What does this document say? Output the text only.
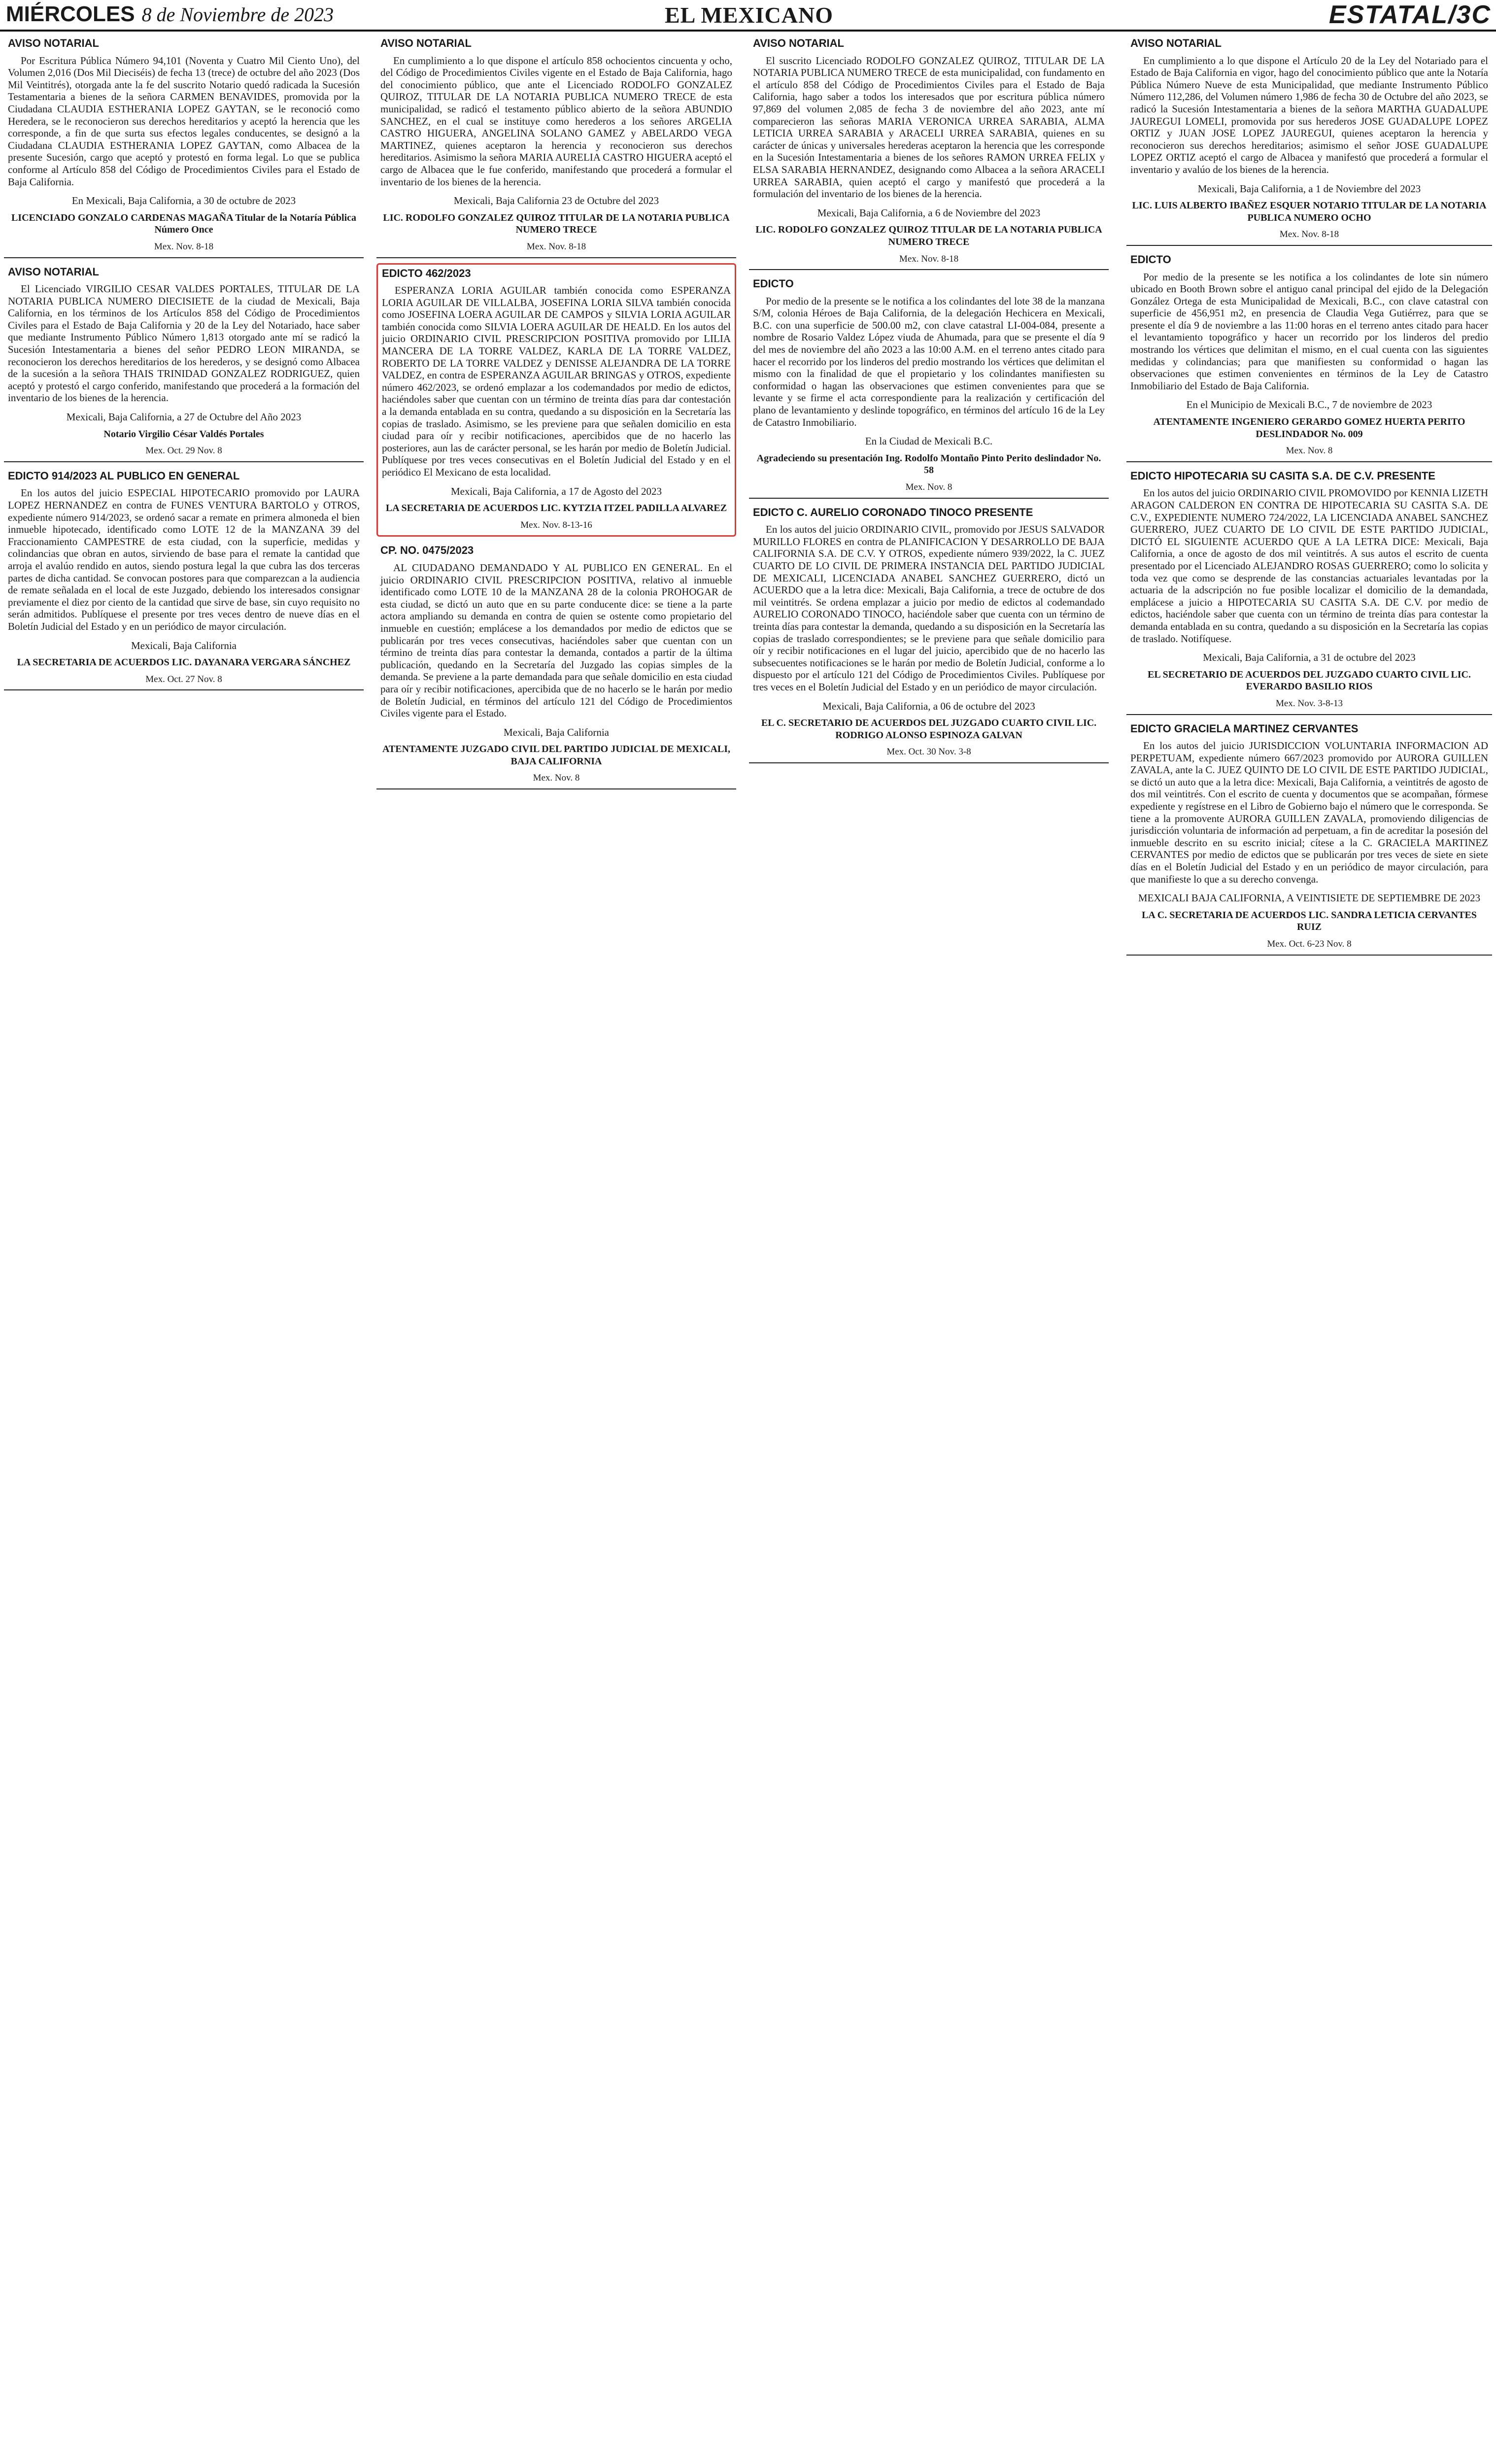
MIÉRCOLES 8 de Noviembre de 2023	EL MEXICANO	ESTATAL/3C
AVISO NOTARIAL
Por Escritura Pública Número 94,101 (Noventa y Cuatro Mil Ciento Uno), del Volumen 2,016 (Dos Mil Dieciséis) de fecha 13 (trece) de octubre del año 2023 (Dos Mil Veintitrés), otorgada ante la fe del suscrito Notario quedó radicada la Sucesión Testamentaria a bienes de la señora CARMEN BENAVIDES, promovida por la Ciudadana CLAUDIA ESTHERANIA LOPEZ GAYTAN, se le reconoció como Heredera, se le reconocieron sus derechos hereditarios y aceptó la herencia que les corresponde, a fin de que surta sus efectos legales conducentes, se designó a la Ciudadana CLAUDIA ESTHERANIA LOPEZ GAYTAN, como Albacea de la presente Sucesión, cargo que aceptó y protestó en forma legal. Lo que se publica conforme al Artículo 858 del Código de Procedimientos Civiles para el Estado de Baja California.
En Mexicali, Baja California, a 30 de octubre de 2023
LICENCIADO GONZALO CARDENAS MAGAÑA Titular de la Notaría Pública Número Once
Mex. Nov. 8-18
AVISO NOTARIAL
El Licenciado VIRGILIO CESAR VALDES PORTALES, TITULAR DE LA NOTARIA PUBLICA NUMERO DIECISIETE de la ciudad de Mexicali, Baja California, en los términos de los Artículos 858 del Código de Procedimientos Civiles para el Estado de Baja California y 20 de la Ley del Notariado, hace saber que mediante Instrumento Público Número 1,813 otorgado ante mí se radicó la Sucesión Intestamentaria a bienes del señor PEDRO LEON MIRANDA, se reconocieron los derechos hereditarios de los herederos, y se designó como Albacea de la sucesión a la señora THAIS TRINIDAD GONZALEZ RODRIGUEZ, quien aceptó y protestó el cargo conferido, manifestando que procederá a la formación del inventario de los bienes de la herencia.
Mexicali, Baja California, a 27 de Octubre del Año 2023
Notario Virgilio César Valdés Portales
Mex. Oct. 29 Nov. 8
EDICTO 914/2023 AL PUBLICO EN GENERAL
En los autos del juicio ESPECIAL HIPOTECARIO promovido por LAURA LOPEZ HERNANDEZ en contra de FUNES VENTURA BARTOLO y OTROS, expediente número 914/2023, se ordenó sacar a remate en primera almoneda el bien inmueble hipotecado, identificado como LOTE 12 de la MANZANA 39 del Fraccionamiento CAMPESTRE de esta ciudad, con la superficie, medidas y colindancias que obran en autos, sirviendo de base para el remate la cantidad que arroja el avalúo rendido en autos, siendo postura legal la que cubra las dos terceras partes de dicha cantidad. Se convocan postores para que comparezcan a la audiencia de remate señalada en el local de este Juzgado, debiendo los interesados consignar previamente el diez por ciento de la cantidad que sirve de base, sin cuyo requisito no serán admitidos. Publíquese el presente por tres veces dentro de nueve días en el Boletín Judicial del Estado y en un periódico de mayor circulación.
Mexicali, Baja California
LA SECRETARIA DE ACUERDOS LIC. DAYANARA VERGARA SÁNCHEZ
Mex. Oct. 27 Nov. 8
AVISO NOTARIAL
En cumplimiento a lo que dispone el artículo 858 ochocientos cincuenta y ocho, del Código de Procedimientos Civiles vigente en el Estado de Baja California, hago del conocimiento público, que ante el Licenciado RODOLFO GONZALEZ QUIROZ, TITULAR DE LA NOTARIA PUBLICA NUMERO TRECE de esta municipalidad, se radicó el testamento público abierto de la señora ABUNDIO SANCHEZ, en el cual se instituye como herederos a los señores ARGELIA CASTRO HIGUERA, ANGELINA SOLANO GAMEZ y ABELARDO VEGA MARTINEZ, quienes aceptaron la herencia y reconocieron sus derechos hereditarios. Asimismo la señora MARIA AURELIA CASTRO HIGUERA aceptó el cargo de Albacea que le fue conferido, manifestando que procederá a formular el inventario de los bienes de la herencia.
Mexicali, Baja California 23 de Octubre del 2023
LIC. RODOLFO GONZALEZ QUIROZ TITULAR DE LA NOTARIA PUBLICA NUMERO TRECE
Mex. Nov. 8-18
EDICTO 462/2023
ESPERANZA LORIA AGUILAR también conocida como ESPERANZA LORIA AGUILAR DE VILLALBA, JOSEFINA LORIA SILVA también conocida como JOSEFINA LOERA AGUILAR DE CAMPOS y SILVIA LORIA AGUILAR también conocida como SILVIA LOERA AGUILAR DE HEALD. En los autos del juicio ORDINARIO CIVIL PRESCRIPCION POSITIVA promovido por LILIA MANCERA DE LA TORRE VALDEZ, KARLA DE LA TORRE VALDEZ, ROBERTO DE LA TORRE VALDEZ y DENISSE ALEJANDRA DE LA TORRE VALDEZ, en contra de ESPERANZA AGUILAR BRINGAS y OTROS, expediente número 462/2023, se ordenó emplazar a los codemandados por medio de edictos, haciéndoles saber que cuentan con un término de treinta días para dar contestación a la demanda entablada en su contra, quedando a su disposición en la Secretaría las copias de traslado. Asimismo, se les previene para que señalen domicilio en esta ciudad para oír y recibir notificaciones, apercibidos que de no hacerlo las posteriores, aun las de carácter personal, se les harán por medio de Boletín Judicial. Publíquese por tres veces consecutivas en el Boletín Judicial del Estado y en el periódico El Mexicano de esta localidad.
Mexicali, Baja California, a 17 de Agosto del 2023
LA SECRETARIA DE ACUERDOS LIC. KYTZIA ITZEL PADILLA ALVAREZ
Mex. Nov. 8-13-16
CP. NO. 0475/2023
AL CIUDADANO DEMANDADO Y AL PUBLICO EN GENERAL. En el juicio ORDINARIO CIVIL PRESCRIPCION POSITIVA, relativo al inmueble identificado como LOTE 10 de la MANZANA 28 de la colonia PROHOGAR de esta ciudad, se dictó un auto que en su parte conducente dice: se tiene a la parte actora ampliando su demanda en contra de quien se ostente como propietario del inmueble en cuestión; emplácese a los demandados por medio de edictos que se publicarán por tres veces consecutivas, haciéndoles saber que cuentan con un término de treinta días para contestar la demanda, contados a partir de la última publicación, quedando en la Secretaría del Juzgado las copias simples de la demanda. Se previene a la parte demandada para que señale domicilio en esta ciudad para oír y recibir notificaciones, apercibida que de no hacerlo se le harán por medio de Boletín Judicial, en términos del artículo 121 del Código de Procedimientos Civiles vigente para el Estado.
Mexicali, Baja California
ATENTAMENTE JUZGADO CIVIL DEL PARTIDO JUDICIAL DE MEXICALI, BAJA CALIFORNIA
Mex. Nov. 8
AVISO NOTARIAL
El suscrito Licenciado RODOLFO GONZALEZ QUIROZ, TITULAR DE LA NOTARIA PUBLICA NUMERO TRECE de esta municipalidad, con fundamento en el artículo 858 del Código de Procedimientos Civiles para el Estado de Baja California, hago saber a todos los interesados que por escritura pública número 97,869 del volumen 2,085 de fecha 3 de noviembre del año 2023, ante mí comparecieron las señoras MARIA VERONICA URREA SARABIA, ALMA LETICIA URREA SARABIA y ARACELI URREA SARABIA, quienes en su carácter de únicas y universales herederas aceptaron la herencia que les corresponde en la Sucesión Intestamentaria a bienes de los señores RAMON URREA FELIX y ELSA SARABIA HERNANDEZ, designando como Albacea a la señora ARACELI URREA SARABIA, quien aceptó el cargo y manifestó que procederá a la formulación del inventario de los bienes de la herencia.
Mexicali, Baja California, a 6 de Noviembre del 2023
LIC. RODOLFO GONZALEZ QUIROZ TITULAR DE LA NOTARIA PUBLICA NUMERO TRECE
Mex. Nov. 8-18
EDICTO
Por medio de la presente se le notifica a los colindantes del lote 38 de la manzana S/M, colonia Héroes de Baja California, de la delegación Hechicera en Mexicali, B.C. con una superficie de 500.00 m2, con clave catastral LI-004-084, presente a nombre de Rosario Valdez López viuda de Ahumada, para que se presente el día 9 del mes de noviembre del año 2023 a las 10:00 A.M. en el terreno antes citado para hacer el recorrido por los linderos del predio mostrando los vértices que delimitan el mismo con la finalidad de que el propietario y los colindantes manifiesten su conformidad o hagan las observaciones que estimen convenientes para que se levante y se firme el acta correspondiente para la realización y certificación del plano de levantamiento y deslinde topográfico, en términos del artículo 16 de la Ley de Catastro Inmobiliario.
En la Ciudad de Mexicali B.C.
Agradeciendo su presentación Ing. Rodolfo Montaño Pinto Perito deslindador No. 58
Mex. Nov. 8
EDICTO C. AURELIO CORONADO TINOCO PRESENTE
En los autos del juicio ORDINARIO CIVIL, promovido por JESUS SALVADOR MURILLO FLORES en contra de PLANIFICACION Y DESARROLLO DE BAJA CALIFORNIA S.A. DE C.V. Y OTROS, expediente número 939/2022, la C. JUEZ CUARTO DE LO CIVIL DE PRIMERA INSTANCIA DEL PARTIDO JUDICIAL DE MEXICALI, LICENCIADA ANABEL SANCHEZ GUERRERO, dictó un ACUERDO que a la letra dice: Mexicali, Baja California, a trece de octubre de dos mil veintitrés. Se ordena emplazar a juicio por medio de edictos al codemandado AURELIO CORONADO TINOCO, haciéndole saber que cuenta con un término de treinta días para contestar la demanda, quedando a su disposición en la Secretaría las copias de traslado correspondientes; se le previene para que señale domicilio para oír y recibir notificaciones en el lugar del juicio, apercibido que de no hacerlo las subsecuentes notificaciones se le harán por medio de Boletín Judicial, conforme a lo dispuesto por el artículo 121 del Código de Procedimientos Civiles. Publíquese por tres veces en el Boletín Judicial del Estado y en un periódico de mayor circulación.
Mexicali, Baja California, a 06 de octubre del 2023
EL C. SECRETARIO DE ACUERDOS DEL JUZGADO CUARTO CIVIL LIC. RODRIGO ALONSO ESPINOZA GALVAN
Mex. Oct. 30 Nov. 3-8
AVISO NOTARIAL
En cumplimiento a lo que dispone el Artículo 20 de la Ley del Notariado para el Estado de Baja California en vigor, hago del conocimiento público que ante la Notaría Pública Número Nueve de esta Municipalidad, que mediante Instrumento Público Número 112,286, del Volumen número 1,986 de fecha 30 de Octubre del año 2023, se radicó la Sucesión Intestamentaria a bienes de la señora MARTHA GUADALUPE JAUREGUI LOMELI, promovida por sus herederos JOSE GUADALUPE LOPEZ ORTIZ y JUAN JOSE LOPEZ JAUREGUI, quienes aceptaron la herencia y reconocieron sus derechos hereditarios; asimismo el señor JOSE GUADALUPE LOPEZ ORTIZ aceptó el cargo de Albacea y manifestó que procederá a formular el inventario y avalúo de los bienes de la herencia.
Mexicali, Baja California, a 1 de Noviembre del 2023
LIC. LUIS ALBERTO IBAÑEZ ESQUER NOTARIO TITULAR DE LA NOTARIA PUBLICA NUMERO OCHO
Mex. Nov. 8-18
EDICTO
Por medio de la presente se les notifica a los colindantes de lote sin número ubicado en Booth Brown sobre el antiguo canal principal del ejido de la Delegación González Ortega de esta Municipalidad de Mexicali, B.C., con clave catastral con superficie de 456,951 m2, en presencia de Claudia Vega Gutiérrez, para que se presente el día 9 de noviembre a las 11:00 horas en el terreno antes citado para hacer el levantamiento topográfico y hacer un recorrido por los linderos del predio mostrando los vértices que delimitan el mismo, en el cual cuenta con las siguientes medidas y colindancias; para que manifiesten su conformidad o hagan las observaciones que estimen convenientes en términos de la Ley de Catastro Inmobiliario del Estado de Baja California.
En el Municipio de Mexicali B.C., 7 de noviembre de 2023
ATENTAMENTE INGENIERO GERARDO GOMEZ HUERTA PERITO DESLINDADOR No. 009
Mex. Nov. 8
EDICTO HIPOTECARIA SU CASITA S.A. DE C.V. PRESENTE
En los autos del juicio ORDINARIO CIVIL PROMOVIDO por KENNIA LIZETH ARAGON CALDERON EN CONTRA DE HIPOTECARIA SU CASITA S.A. DE C.V., EXPEDIENTE NUMERO 724/2022, LA LICENCIADA ANABEL SANCHEZ GUERRERO, JUEZ CUARTO DE LO CIVIL DE ESTE PARTIDO JUDICIAL, DICTÓ EL SIGUIENTE ACUERDO QUE A LA LETRA DICE: Mexicali, Baja California, a once de agosto de dos mil veintitrés. A sus autos el escrito de cuenta presentado por el Licenciado ALEJANDRO ROSAS GUERRERO; como lo solicita y toda vez que como se desprende de las constancias actuariales levantadas por la actuaria de la adscripción no fue posible localizar el domicilio de la demandada, emplácese a juicio a HIPOTECARIA SU CASITA S.A. DE C.V. por medio de edictos, haciéndole saber que cuenta con un término de treinta días para contestar la demanda entablada en su contra, quedando a su disposición en la Secretaría las copias de traslado. Notifíquese.
Mexicali, Baja California, a 31 de octubre del 2023
EL SECRETARIO DE ACUERDOS DEL JUZGADO CUARTO CIVIL LIC. EVERARDO BASILIO RIOS
Mex. Nov. 3-8-13
EDICTO GRACIELA MARTINEZ CERVANTES
En los autos del juicio JURISDICCION VOLUNTARIA INFORMACION AD PERPETUAM, expediente número 667/2023 promovido por AURORA GUILLEN ZAVALA, ante la C. JUEZ QUINTO DE LO CIVIL DE ESTE PARTIDO JUDICIAL, se dictó un auto que a la letra dice: Mexicali, Baja California, a veintitrés de agosto de dos mil veintitrés. Con el escrito de cuenta y documentos que se acompañan, fórmese expediente y regístrese en el Libro de Gobierno bajo el número que le corresponda. Se tiene a la promovente AURORA GUILLEN ZAVALA, promoviendo diligencias de jurisdicción voluntaria de información ad perpetuam, a fin de acreditar la posesión del inmueble descrito en su escrito inicial; cítese a la C. GRACIELA MARTINEZ CERVANTES por medio de edictos que se publicarán por tres veces de siete en siete días en el Boletín Judicial del Estado y en un periódico de mayor circulación, para que manifieste lo que a su derecho convenga.
MEXICALI BAJA CALIFORNIA, A VEINTISIETE DE SEPTIEMBRE DE 2023
LA C. SECRETARIA DE ACUERDOS LIC. SANDRA LETICIA CERVANTES RUIZ
Mex. Oct. 6-23 Nov. 8
